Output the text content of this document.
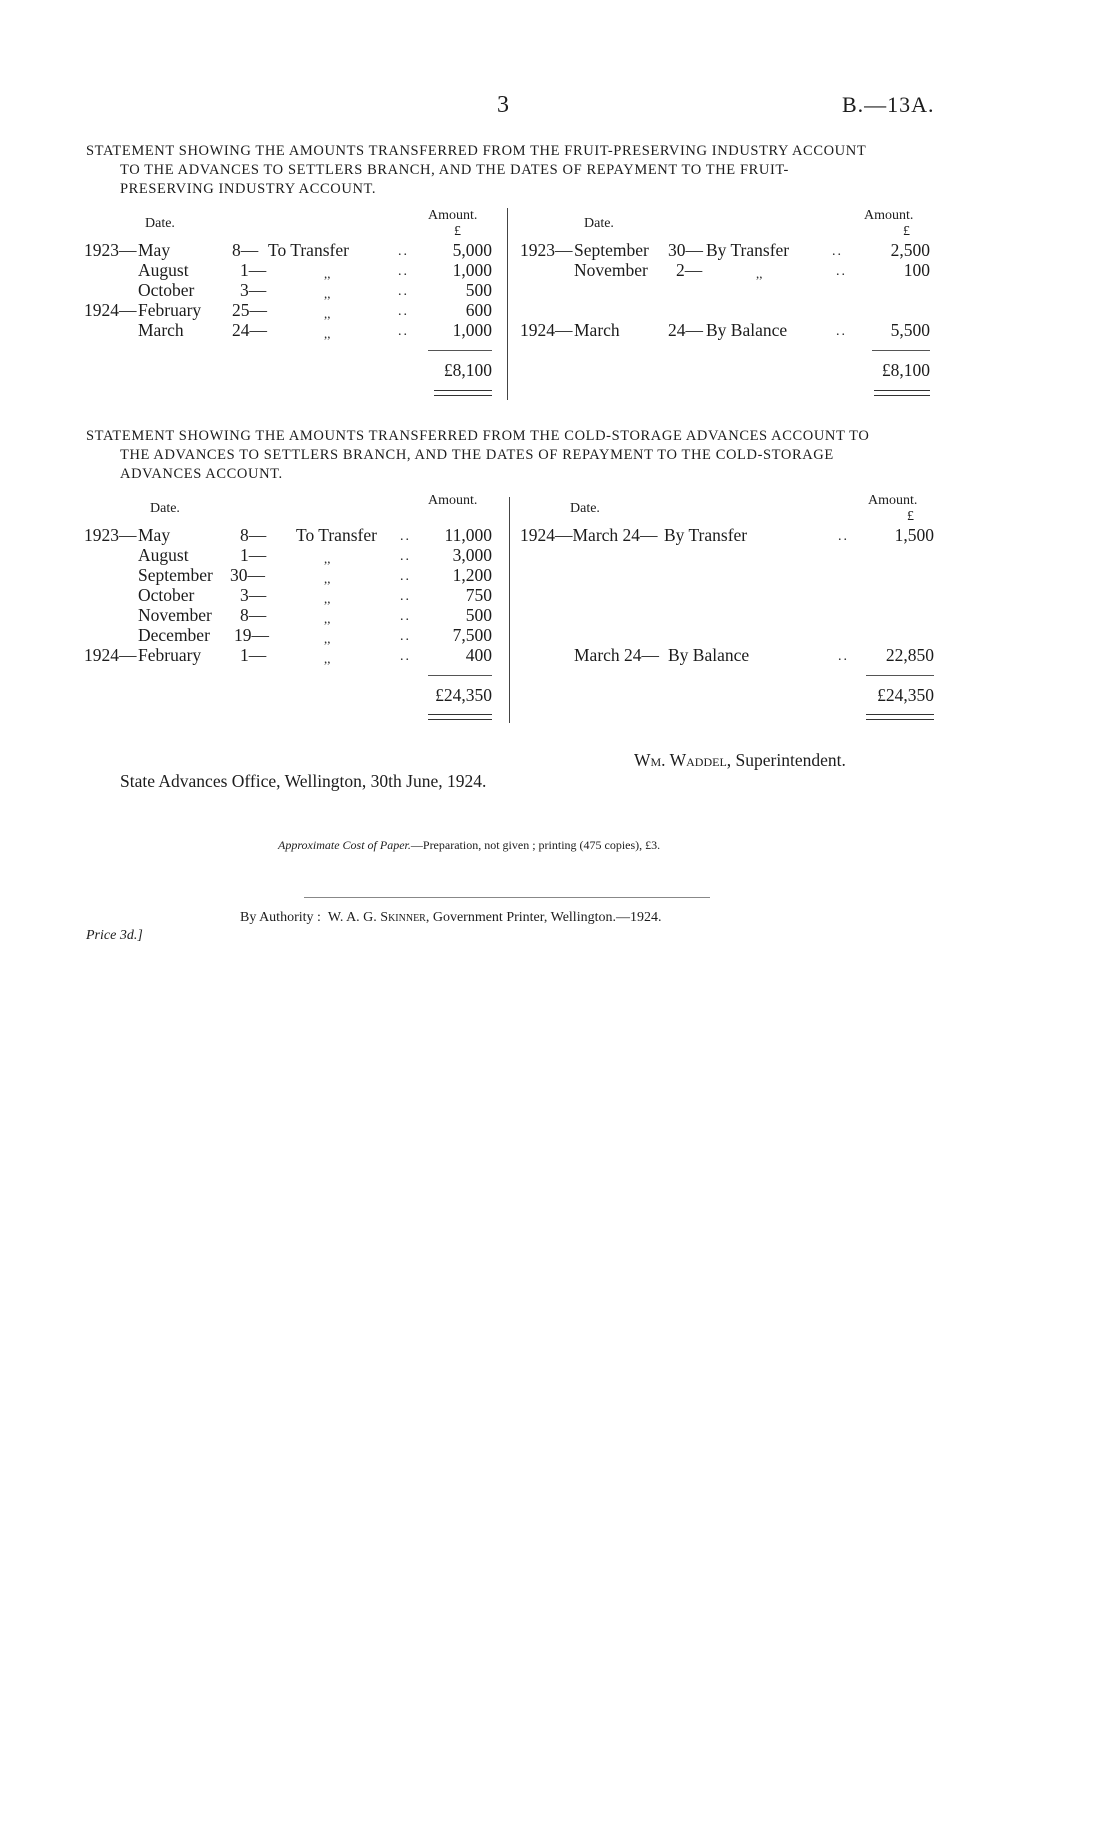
3	B.—13A.
STATEMENT SHOWING THE AMOUNTS TRANSFERRED FROM THE FRUIT-PRESERVING INDUSTRY ACCOUNT
TO THE ADVANCES TO SETTLERS BRANCH, AND THE DATES OF REPAYMENT TO THE FRUIT-
PRESERVING INDUSTRY ACCOUNT.
Date.
Amount.
£
Date.
Amount.
£
1923— May	8— To Transfer	..	5,000
August	1—	,,	..	1,000
October	3—	,,	..	500
1924— February 25—	,,	..	600
March	24—	,,	..	1,000
£8,100
1923— September 30— By Transfer	..	2,500
November 2—	,,	..	100
1924— March	24— By Balance	..	5,500
£8,100
STATEMENT SHOWING THE AMOUNTS TRANSFERRED FROM THE COLD-STORAGE ADVANCES ACCOUNT TO
THE ADVANCES TO SETTLERS BRANCH, AND THE DATES OF REPAYMENT TO THE COLD-STORAGE
ADVANCES ACCOUNT.
Date.
Amount.
Date.
Amount.
£
1923— May	8— To Transfer ..	11,000
August	1—	,,	..	3,000
September 30—	,,	..	1,200
October	3—	,,	..	750
November 8—	,,	..	500
December 19—	,,	..	7,500
1924— February 1—	,,	..	400
£24,350
1924—March 24— By Transfer	..	1,500
March 24— By Balance	..	22,850
£24,350
Wm. Waddel, Superintendent.
State Advances Office, Wellington, 30th June, 1924.
Approximate Cost of Paper.—Preparation, not given ; printing (475 copies), £3.
By Authority : W. A. G. Skinner, Government Printer, Wellington.—1924.
Price 3d.]
